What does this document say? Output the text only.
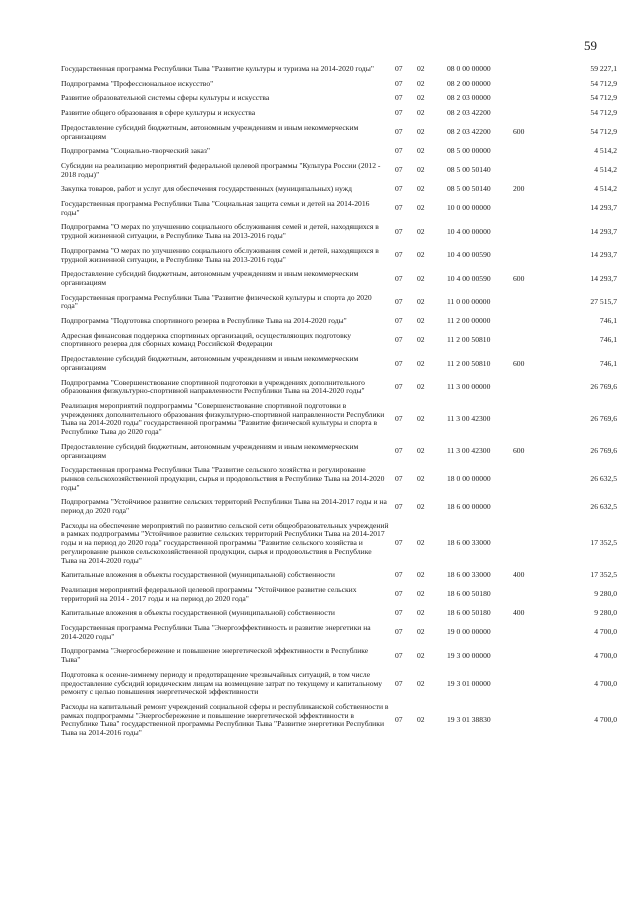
59
Государственная программа Республики Тыва "Развитие культуры и туризма на 2014-2020 годы"	07	02	08 0 00 00000		59 227,1
Подпрограмма "Профессиональное искусство"	07	02	08 2 00 00000		54 712,9
Развитие образовательной системы сферы культуры и искусства	07	02	08 2 03 00000		54 712,9
Развитие общего образования в сфере культуры и искусства	07	02	08 2 03 42200		54 712,9
Предоставление субсидий бюджетным, автономным учреждениям и иным некоммерческим организациям	07	02	08 2 03 42200	600	54 712,9
Подпрограмма "Социально-творческий заказ"	07	02	08 5 00 00000		4 514,2
Субсидии на реализацию мероприятий федеральной целевой программы "Культура России (2012 - 2018 годы)"	07	02	08 5 00 50140		4 514,2
Закупка товаров, работ и услуг для обеспечения государственных (муниципальных) нужд	07	02	08 5 00 50140	200	4 514,2
Государственная программа Республики Тыва "Социальная защита семьи и детей на 2014-2016 годы"	07	02	10 0 00 00000		14 293,7
Подпрограмма "О мерах по улучшению социального обслуживания семей и детей, находящихся в трудной жизненной ситуации, в Республике Тыва на 2013-2016 годы"	07	02	10 4 00 00000		14 293,7
Подпрограмма "О мерах по улучшению социального обслуживания семей и детей, находящихся в трудной жизненной ситуации, в Республике Тыва на 2013-2016 годы"	07	02	10 4 00 00590		14 293,7
Предоставление субсидий бюджетным, автономным учреждениям и иным некоммерческим организациям	07	02	10 4 00 00590	600	14 293,7
Государственная программа Республики Тыва "Развитие физической культуры и спорта до 2020 года"	07	02	11 0 00 00000		27 515,7
Подпрограмма "Подготовка спортивного резерва в Республике Тыва на 2014-2020 годы"	07	02	11 2 00 00000		746,1
Адресная финансовая поддержка спортивных организаций, осуществляющих подготовку спортивного резерва для сборных команд Российской Федерации	07	02	11 2 00 50810		746,1
Предоставление субсидий бюджетным, автономным учреждениям и иным некоммерческим организациям	07	02	11 2 00 50810	600	746,1
Подпрограмма "Совершенствование спортивной подготовки в учреждениях дополнительного образования физкультурно-спортивной направленности Республики Тыва на 2014-2020 годы"	07	02	11 3 00 00000		26 769,6
Реализация мероприятий подпрограммы "Совершенствование спортивной подготовки в учреждениях дополнительного образования физкультурно-спортивной направленности Республики Тыва на 2014-2020 годы" государственной программы "Развитие физической культуры и спорта в Республике Тыва до 2020 года"	07	02	11 3 00 42300		26 769,6
Предоставление субсидий бюджетным, автономным учреждениям и иным некоммерческим организациям	07	02	11 3 00 42300	600	26 769,6
Государственная программа Республики Тыва "Развитие сельского хозяйства и регулирование рынков сельскохозяйственной продукции, сырья и продовольствия в Республике Тыва на 2014-2020 годы"	07	02	18 0 00 00000		26 632,5
Подпрограмма "Устойчивое развитие сельских территорий Республики Тыва на 2014-2017 годы и на период до 2020 года"	07	02	18 6 00 00000		26 632,5
Расходы на обеспечение мероприятий по развитию сельской сети общеобразовательных учреждений в рамках подпрограммы "Устойчивое развитие сельских территорий Республики Тыва на 2014-2017 годы и на период до 2020 года" государственной программы "Развитие сельского хозяйства и регулирование рынков сельскохозяйственной продукции, сырья и продовольствия в Республике Тыва на 2014-2020 годы"	07	02	18 6 00 33000		17 352,5
Капитальные вложения в объекты государственной (муниципальной) собственности	07	02	18 6 00 33000	400	17 352,5
Реализация мероприятий федеральной целевой программы "Устойчивое развитие сельских территорий на 2014 - 2017 годы и на период до 2020 года"	07	02	18 6 00 50180		9 280,0
Капитальные вложения в объекты государственной (муниципальной) собственности	07	02	18 6 00 50180	400	9 280,0
Государственная программа Республики Тыва "Энергоэффективность и развитие энергетики на 2014-2020 годы"	07	02	19 0 00 00000		4 700,0
Подпрограмма "Энергосбережение и повышение энергетической эффективности в Республике Тыва"	07	02	19 3 00 00000		4 700,0
Подготовка к осенне-зимнему периоду и предотвращение чрезвычайных ситуаций, в том числе предоставление субсидий юридическим лицам на возмещение затрат по текущему и капитальному ремонту с целью повышения энергетической эффективности	07	02	19 3 01 00000		4 700,0
Расходы на капитальный ремонт учреждений социальной сферы и республиканской собственности в рамках подпрограммы "Энергосбережение и повышение энергетической эффективности в Республике Тыва" государственной программы Республики Тыва "Развитие энергетики Республики Тыва на 2014-2016 годы"	07	02	19 3 01 38830		4 700,0
